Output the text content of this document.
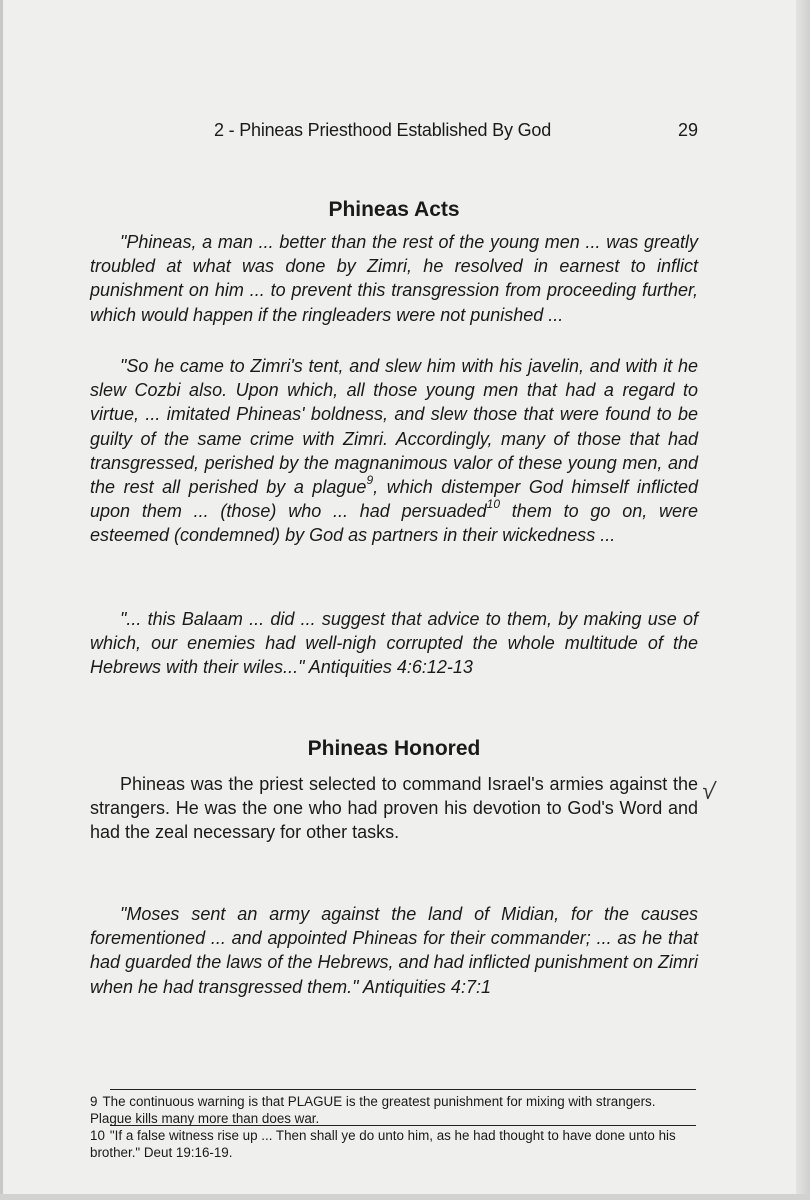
2 - Phineas Priesthood Established By God	29
Phineas Acts

"Phineas, a man ... better than the rest of the young men ... was greatly troubled at what was done by Zimri, he resolved in earnest to inflict punishment on him ... to prevent this transgression from proceeding further, which would happen if the ringleaders were not punished ...

"So he came to Zimri's tent, and slew him with his javelin, and with it he slew Cozbi also. Upon which, all those young men that had a regard to virtue, ... imitated Phineas' boldness, and slew those that were found to be guilty of the same crime with Zimri. Accordingly, many of those that had transgressed, perished by the magnanimous valor of these young men, and the rest all perished by a plague$^9$, which distemper God himself inflicted upon them ... (those) who ... had persuaded$^{10}$ them to go on, were esteemed (condemned) by God as partners in their wickedness ...

"... this Balaam ... did ... suggest that advice to them, by making use of which, our enemies had well-nigh corrupted the whole multitude of the Hebrews with their wiles..." Antiquities 4:6:12-13

Phineas Honored

Phineas was the priest selected to command Israel's armies against the strangers. He was the one who had proven his devotion to God's Word and had the zeal necessary for other tasks.

√

"Moses sent an army against the land of Midian, for the causes forementioned ... and appointed Phineas for their commander; ... as he that had guarded the laws of the Hebrews, and had inflicted punishment on Zimri when he had transgressed them." Antiquities 4:7:1

9 The continuous warning is that PLAGUE is the greatest punishment for mixing with strangers. Plague kills many more than does war.

10 "If a false witness rise up ... Then shall ye do unto him, as he had thought to have done unto his brother." Deut 19:16-19.
